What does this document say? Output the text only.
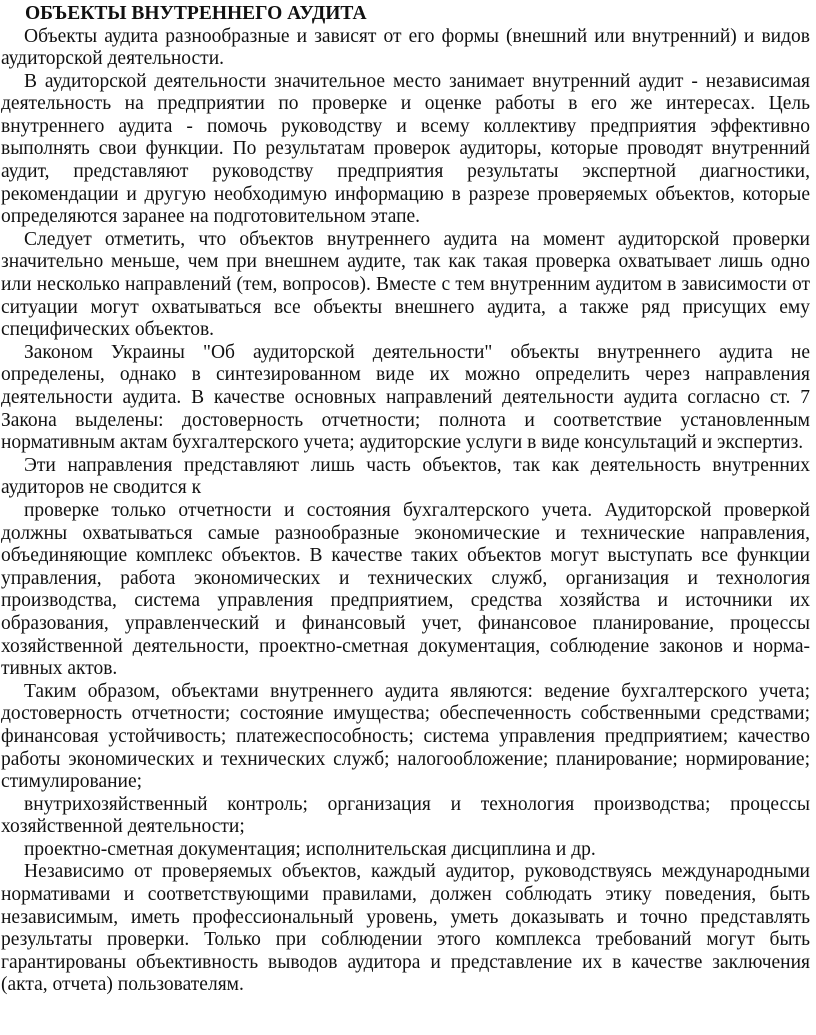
ОБЪЕКТЫ ВНУТРЕННЕГО АУДИТА

Объекты аудита разнообразные и зависят от его формы (внешний или внутренний) и видов аудиторской деятельности.

В аудиторской деятельности значительное место занимает внутренний аудит - независимая деятельность на предприятии по проверке и оценке работы в его же интересах. Цель внутреннего аудита - помочь руководству и всему коллективу предприятия эффективно выполнять свои функции. По результатам проверок аудиторы, которые проводят внутренний аудит, представляют руководству предприятия результаты экспертной диагностики, рекомендации и другую необходимую информацию в разрезе проверяемых объектов, которые определяются заранее на подготовительном этапе.

Следует отметить, что объектов внутреннего аудита на момент аудиторской проверки значительно меньше, чем при внешнем аудите, так как такая проверка охватывает лишь одно или несколько направлений (тем, вопросов). Вместе с тем внутренним аудитом в зависимости от ситуации могут охватываться все объекты внешнего аудита, а также ряд присущих ему специфических объектов.

Законом Украины "Об аудиторской деятельности" объекты внутреннего аудита не определены, однако в синтезированном виде их можно определить через направления деятельности аудита. В качестве основных направлений деятельности аудита согласно ст. 7 Закона выделены: достоверность отчетности; полнота и соответствие установленным нормативным актам бухгалтерского учета; аудиторские услуги в виде консультаций и экспертиз.

Эти направления представляют лишь часть объектов, так как деятельность внутренних аудиторов не сводится к

проверке только отчетности и состояния бухгалтерского учета. Аудиторской проверкой должны охватываться самые разнообразные экономические и технические направления, объединяющие комплекс объектов. В качестве таких объектов могут выступать все функции управления, работа экономических и технических служб, организация и технология производства, система управления предприятием, средства хозяйства и источники их образования, управленческий и финансовый учет, финансовое планирование, процессы хозяйственной деятельности, проектно-сметная документация, соблюдение законов и нормативных актов.

Таким образом, объектами внутреннего аудита являются: ведение бухгалтерского учета; достоверность отчетности; состояние имущества; обеспеченность собственными средствами; финансовая устойчивость; платежеспособность; система управления предприятием; качество работы экономических и технических служб; налогообложение; планирование; нормирование; стимулирование;

внутрихозяйственный контроль; организация и технология производства; процессы хозяйственной деятельности;

проектно-сметная документация; исполнительская дисциплина и др.

Независимо от проверяемых объектов, каждый аудитор, руководствуясь международными нормативами и соответствующими правилами, должен соблюдать этику поведения, быть независимым, иметь профессиональный уровень, уметь доказывать и точно представлять результаты проверки. Только при соблюдении этого комплекса требований могут быть гарантированы объективность выводов аудитора и представление их в качестве заключения (акта, отчета) пользователям.
